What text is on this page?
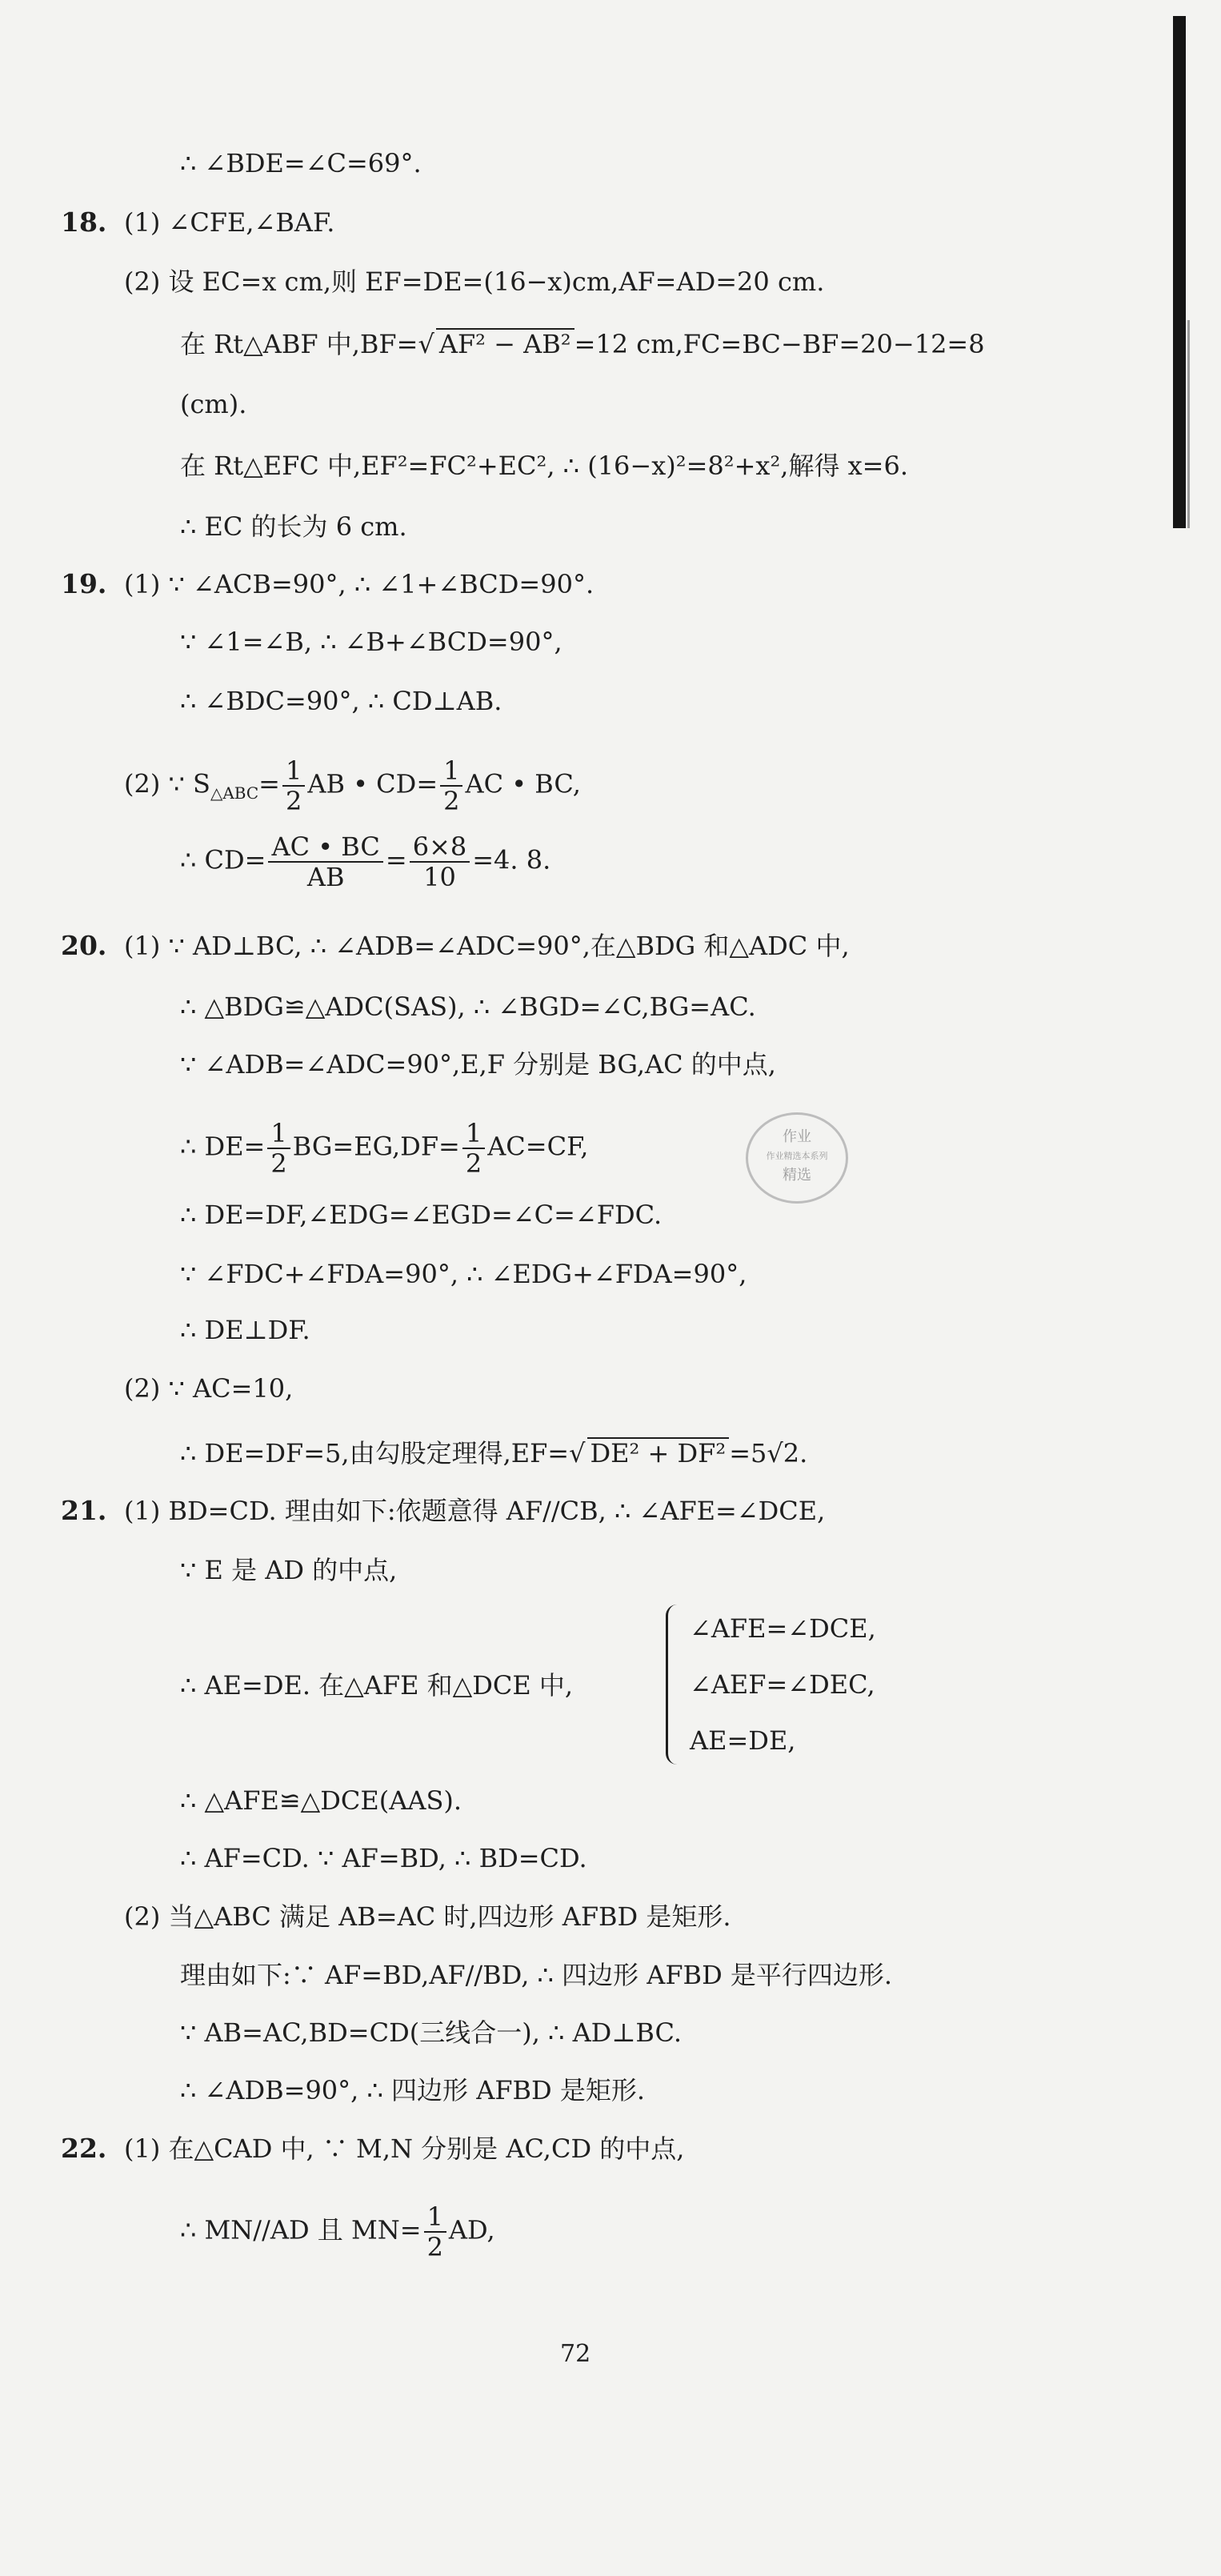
∴ ∠BDE=∠C=69°.
18. (1) ∠CFE,∠BAF.
(2) 设 EC=x cm,则 EF=DE=(16−x)cm,AF=AD=20 cm.
在 Rt△ABF 中,BF=√ AF² − AB² =12 cm,FC=BC−BF=20−12=8
(cm).
在 Rt△EFC 中,EF²=FC²+EC², ∴ (16−x)²=8²+x²,解得 x=6.
∴ EC 的长为 6 cm.
19. (1) ∵ ∠ACB=90°, ∴ ∠1+∠BCD=90°.
∵ ∠1=∠B, ∴ ∠B+∠BCD=90°,
∴ ∠BDC=90°, ∴ CD⊥AB.
(2) ∵ $S_{\triangle ABC}= \frac{1}{2}$ AB • $CD= \frac{1}{2}$ AC • BC,
∴ $CD= \frac{AC • BC}{AB} = \frac{6\times 8}{10} =4$. 8.
20. (1) ∵ AD⊥BC, ∴ ∠ADB=∠ADC=90°,在△BDG 和△ADC 中,
∴ △BDG≌△ADC(SAS), ∴ ∠BGD=∠C,BG=AC.
∵ ∠ADB=∠ADC=90°,E,F 分别是 BG,AC 的中点,
∴ $DE= \frac{1}{2} BG=EG,DF= \frac{1}{2} AC=CF$,
∴ DE=DF,∠EDG=∠EGD=∠C=∠FDC.
∵ ∠FDC+∠FDA=90°, ∴ ∠EDG+∠FDA=90°,
∴ DE⊥DF.
(2) ∵ AC=10,
∴ DE=DF=5,由勾股定理得,EF=√ DE² + DF² =5√2.
21. (1) BD=CD. 理由如下:依题意得 AF//CB, ∴ ∠AFE=∠DCE,
∵ E 是 AD 的中点,
∴ AE=DE. 在△AFE 和△DCE 中,
∠AFE=∠DCE,
∠AEF=∠DEC,
AE=DE,
∴ △AFE≌△DCE(AAS).
∴ AF=CD. ∵ AF=BD, ∴ BD=CD.
(2) 当△ABC 满足 AB=AC 时,四边形 AFBD 是矩形.
理由如下:∵ AF=BD,AF//BD, ∴ 四边形 AFBD 是平行四边形.
∵ AB=AC,BD=CD(三线合一), ∴ AD⊥BC.
∴ ∠ADB=90°, ∴ 四边形 AFBD 是矩形.
22. (1) 在△CAD 中, ∵ M,N 分别是 AC,CD 的中点,
∴ MN//AD 且 $MN= \frac{1}{2}$ AD,
作业
作业精选本系列
精选
72
